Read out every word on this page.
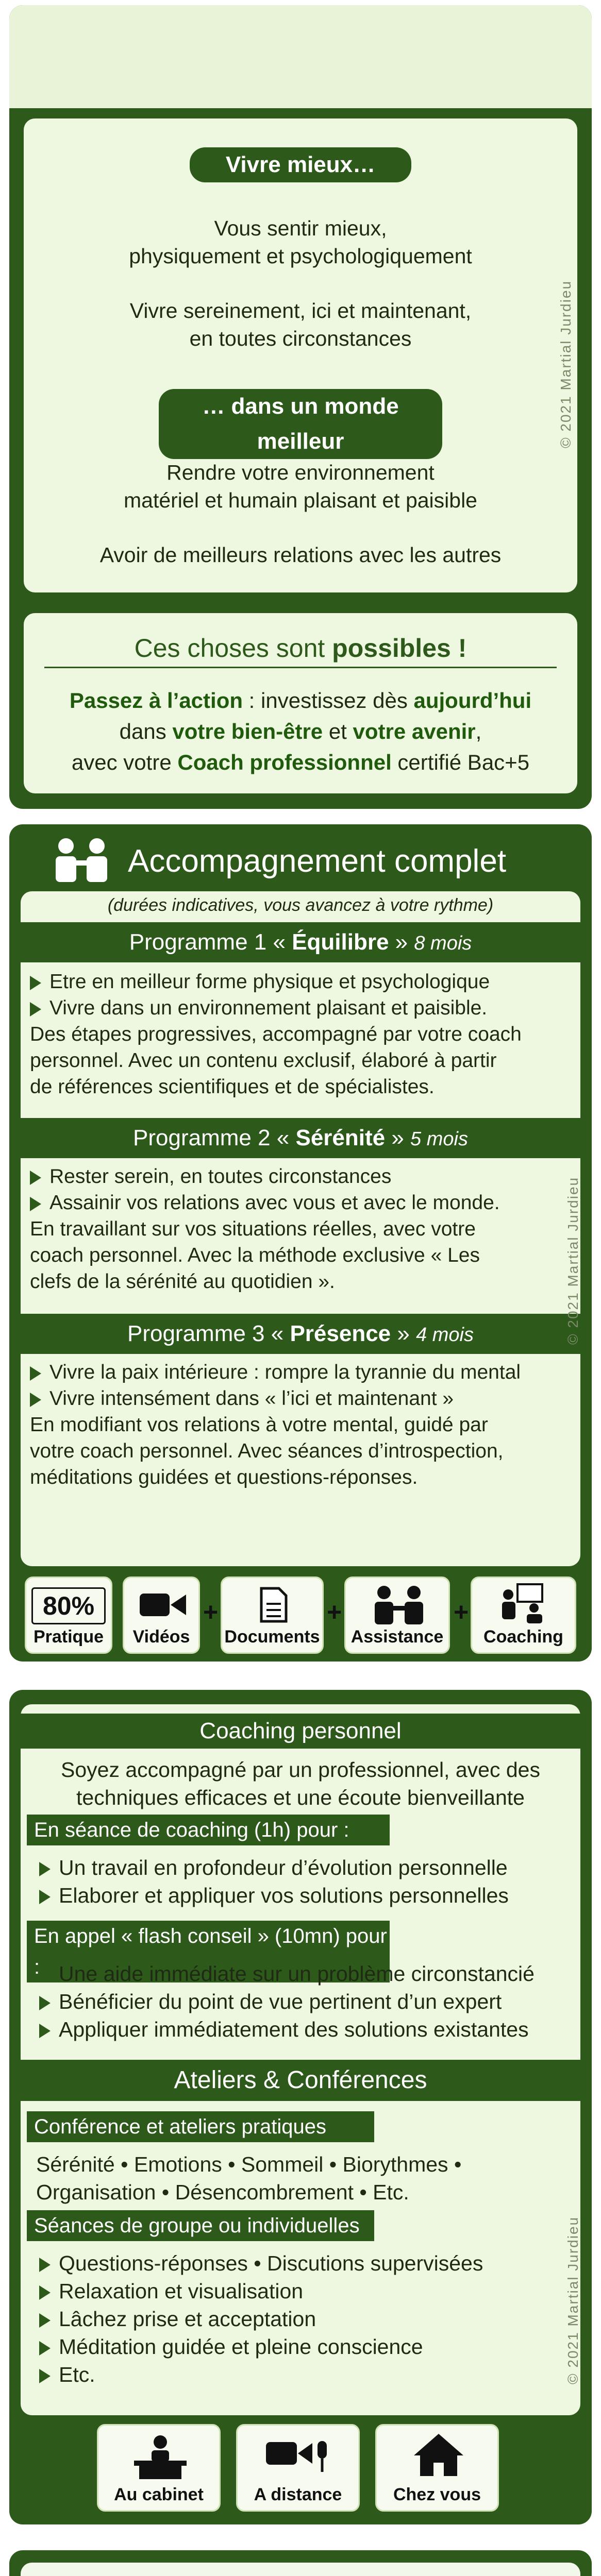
Vivre mieux…
Vous sentir mieux,
physiquement et psychologiquement
Vivre sereinement, ici et maintenant,
en toutes circonstances
… dans un monde meilleur
Rendre votre environnement
matériel et humain plaisant et paisible
Avoir de meilleurs relations avec les autres
© 2021 Martial Jurdieu
Ces choses sont possibles !
Passez à l’action : investissez dès aujourd’hui
dans votre bien-être et votre avenir,
avec votre Coach professionnel certifié Bac+5
Accompagnement complet
(durées indicatives, vous avancez à votre rythme)
Programme 1 « Équilibre » 8 mois
Etre en meilleur forme physique et psychologique
Vivre dans un environnement plaisant et paisible.
Des étapes progressives, accompagné par votre coach
personnel. Avec un contenu exclusif, élaboré à partir
de références scientifiques et de spécialistes.
Programme 2 « Sérénité » 5 mois
Rester serein, en toutes circonstances
Assainir vos relations avec vous et avec le monde.
En travaillant sur vos situations réelles, avec votre
coach personnel. Avec la méthode exclusive « Les
clefs de la sérénité au quotidien ».
Programme 3 « Présence » 4 mois
Vivre la paix intérieure : rompre la tyrannie du mental
Vivre intensément dans « l’ici et maintenant »
En modifiant vos relations à votre mental, guidé par
votre coach personnel. Avec séances d’introspection,
méditations guidées et questions-réponses.
© 2021 Martial Jurdieu
80%
Pratique	Vidéos
+
Documents
+
Assistance
+
Coaching
Coaching personnel
Soyez accompagné par un professionnel, avec des
techniques efficaces et une écoute bienveillante
En séance de coaching (1h) pour :
Un travail en profondeur d’évolution personnelle
Elaborer et appliquer vos solutions personnelles
En appel « flash conseil » (10mn) pour : Une aide immédiate sur un problème circonstancié
Bénéficier du point de vue pertinent d’un expert
Appliquer immédiatement des solutions existantes
Ateliers & Conférences
Conférence et ateliers pratiques
Sérénité • Emotions • Sommeil • Biorythmes •
Organisation • Désencombrement • Etc.
Séances de groupe ou individuelles
Questions-réponses • Discutions supervisées
Relaxation et visualisation
Lâchez prise et acceptation
Méditation guidée et pleine conscience
Etc.	© 2021 Martial Jurdieu
Au cabinet	A distance	Chez vous
